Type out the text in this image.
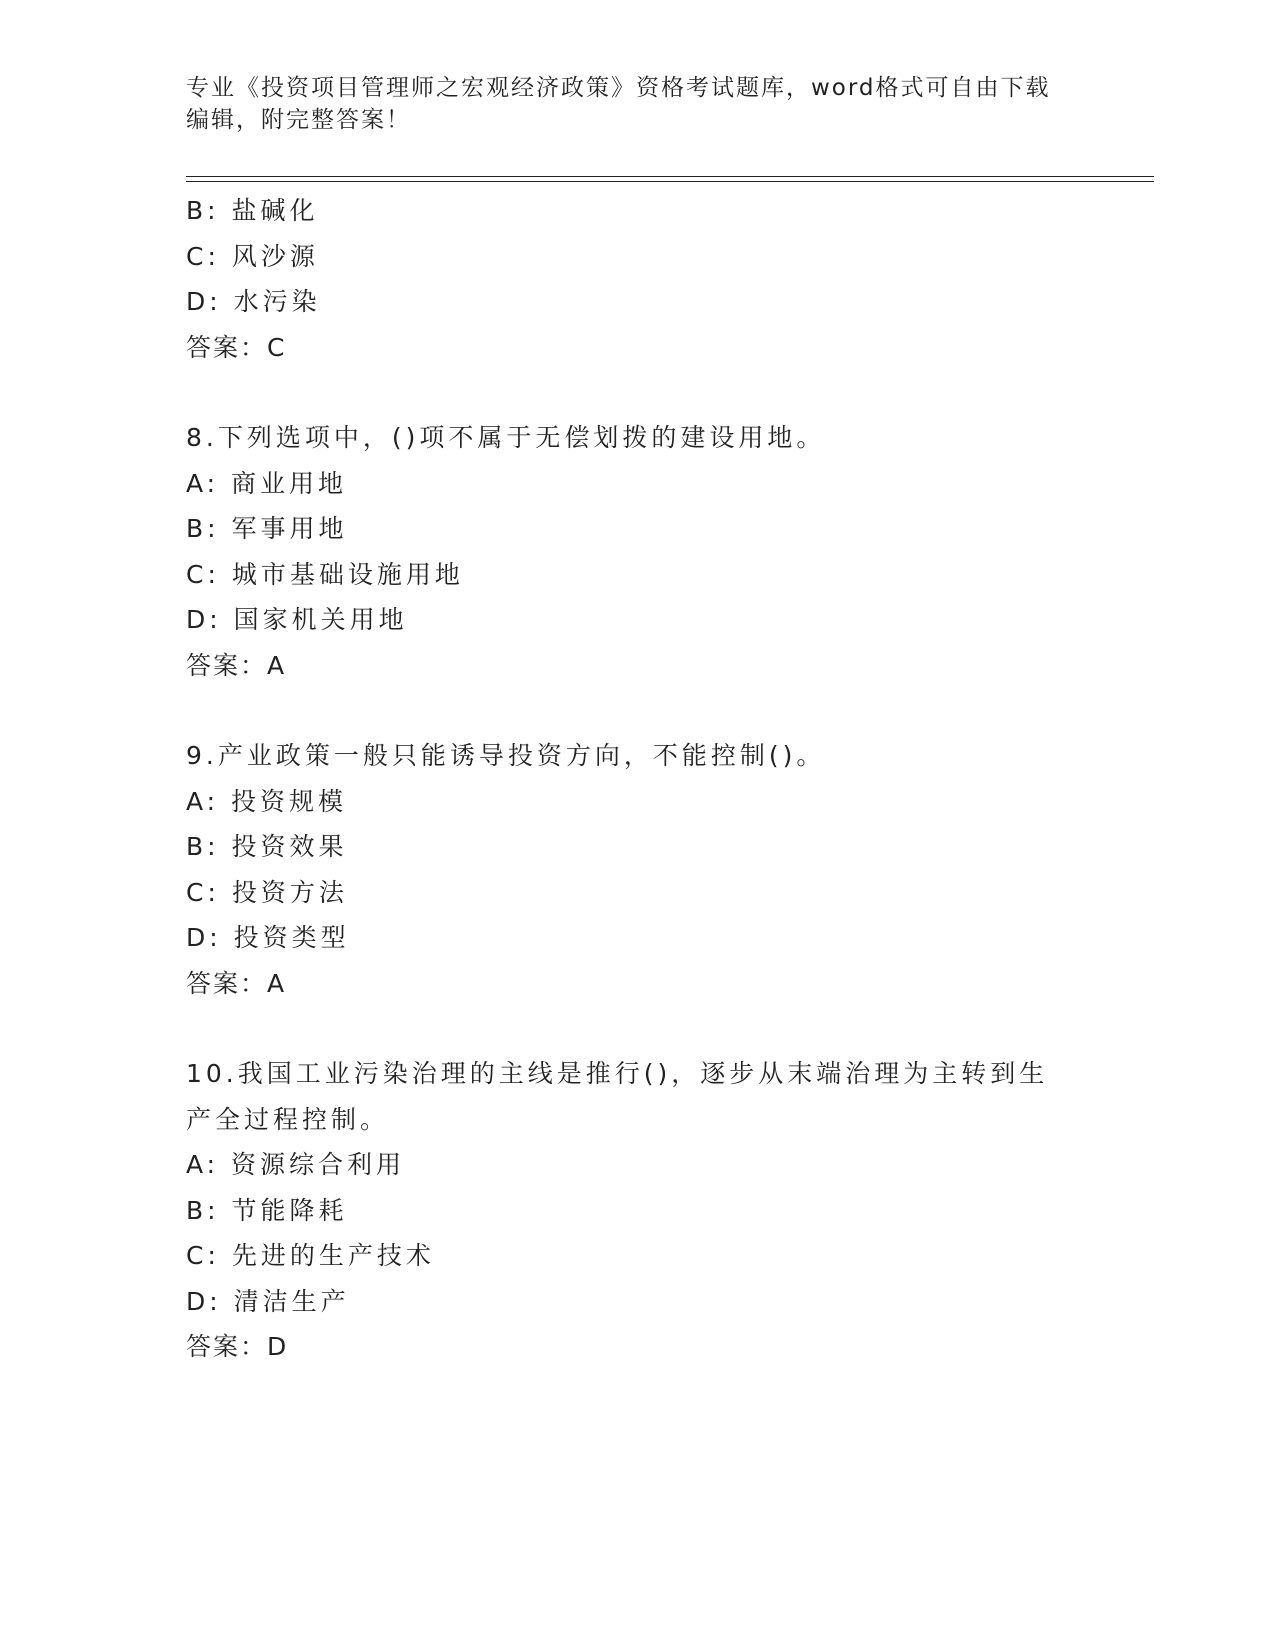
专业《投资项目管理师之宏观经济政策》资格考试题库，word格式可自由下载编辑，附完整答案！
B: 盐碱化
C: 风沙源
D: 水污染
答案：C
8.下列选项中，()项不属于无偿划拨的建设用地。
A: 商业用地
B: 军事用地
C: 城市基础设施用地
D: 国家机关用地
答案：A
9.产业政策一般只能诱导投资方向，不能控制()。
A: 投资规模
B: 投资效果
C: 投资方法
D: 投资类型
答案：A
10.我国工业污染治理的主线是推行()，逐步从末端治理为主转到生产全过程控制。
A: 资源综合利用
B: 节能降耗
C: 先进的生产技术
D: 清洁生产
答案：D
